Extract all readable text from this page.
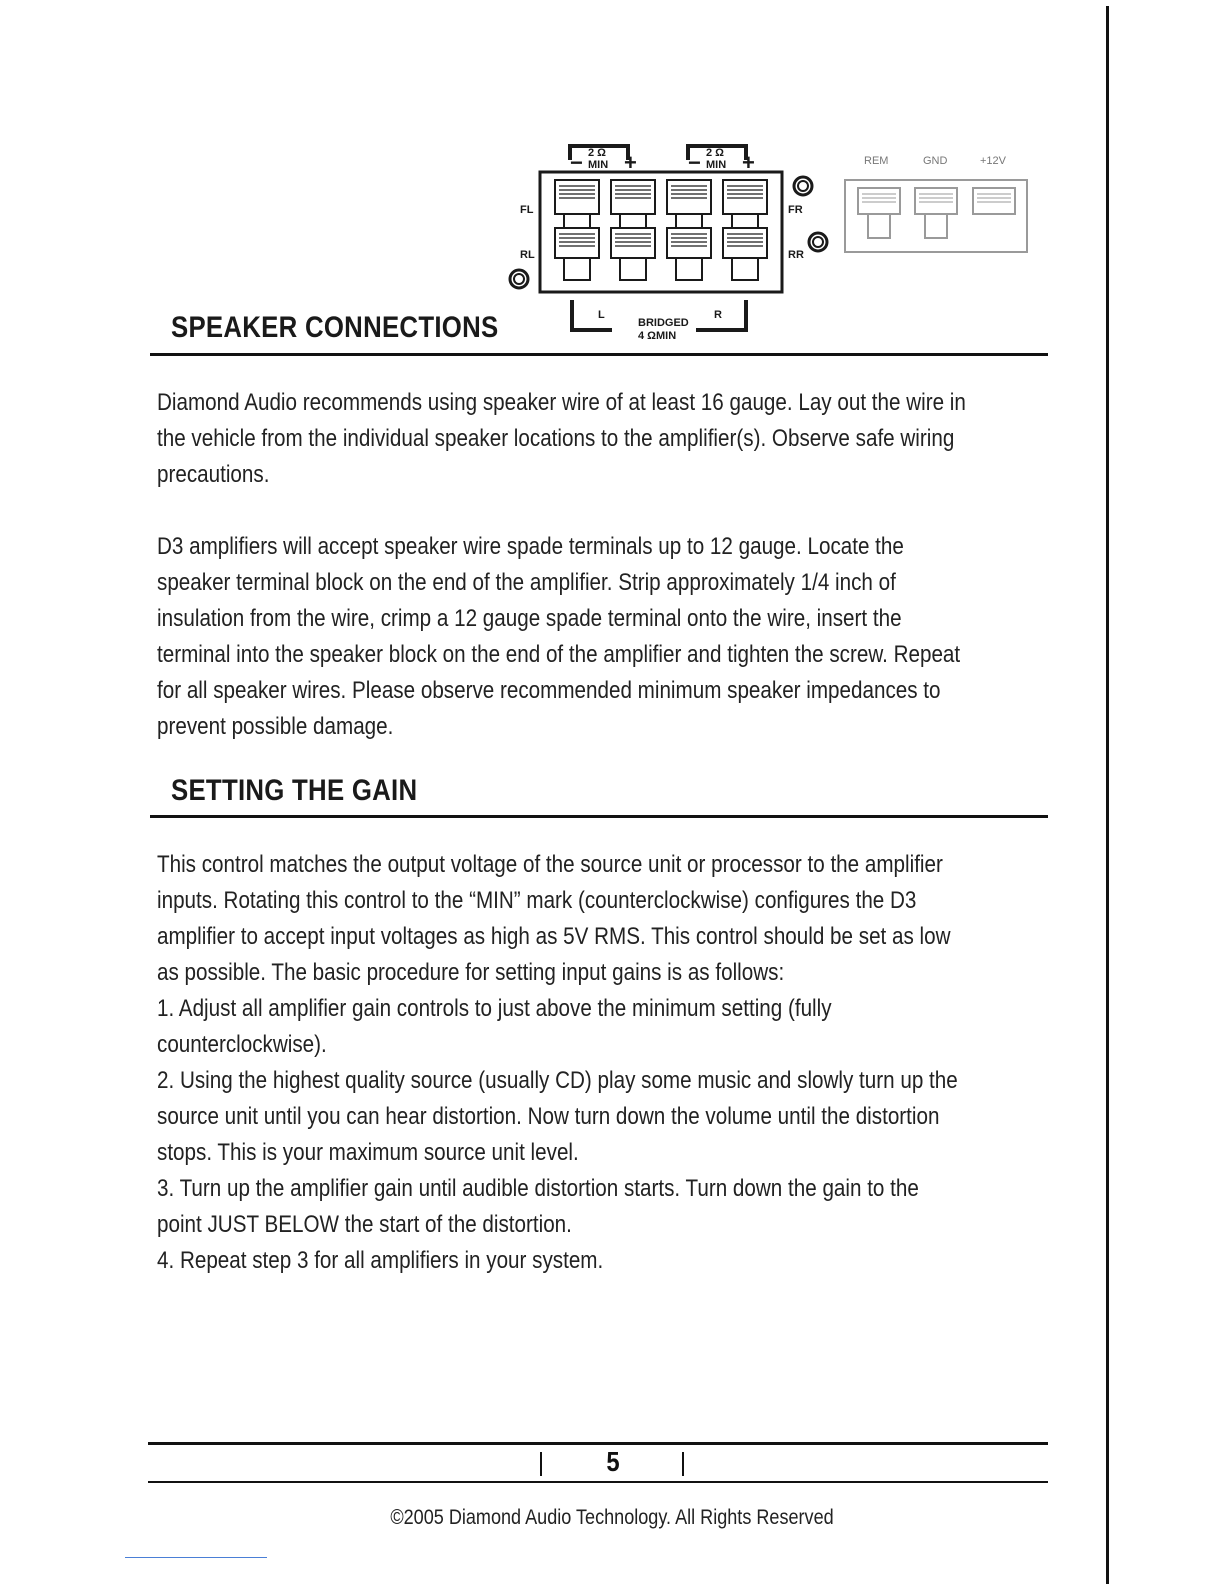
− 2 Ω
MIN + − 2 Ω
MIN +
FL	FR
RL	RR
L	R
BRIDGED
4 ΩMIN
REM	GND	+12V
SPEAKER CONNECTIONS
Diamond Audio recommends using speaker wire of at least 16 gauge. Lay out the wire in
the vehicle from the individual speaker locations to the amplifier(s). Observe safe wiring
precautions.
D3 amplifiers will accept speaker wire spade terminals up to 12 gauge. Locate the
speaker terminal block on the end of the amplifier. Strip approximately 1/4 inch of
insulation from the wire, crimp a 12 gauge spade terminal onto the wire, insert the
terminal into the speaker block on the end of the amplifier and tighten the screw. Repeat
for all speaker wires. Please observe recommended minimum speaker impedances to
prevent possible damage.
SETTING THE GAIN
This control matches the output voltage of the source unit or processor to the amplifier
inputs. Rotating this control to the “MIN” mark (counterclockwise) configures the D3
amplifier to accept input voltages as high as 5V RMS. This control should be set as low
as possible. The basic procedure for setting input gains is as follows:
1. Adjust all amplifier gain controls to just above the minimum setting (fully
counterclockwise).
2. Using the highest quality source (usually CD) play some music and slowly turn up the
source unit until you can hear distortion. Now turn down the volume until the distortion
stops. This is your maximum source unit level.
3. Turn up the amplifier gain until audible distortion starts. Turn down the gain to the
point JUST BELOW the start of the distortion.
4. Repeat step 3 for all amplifiers in your system.
5
©2005 Diamond Audio Technology. All Rights Reserved
